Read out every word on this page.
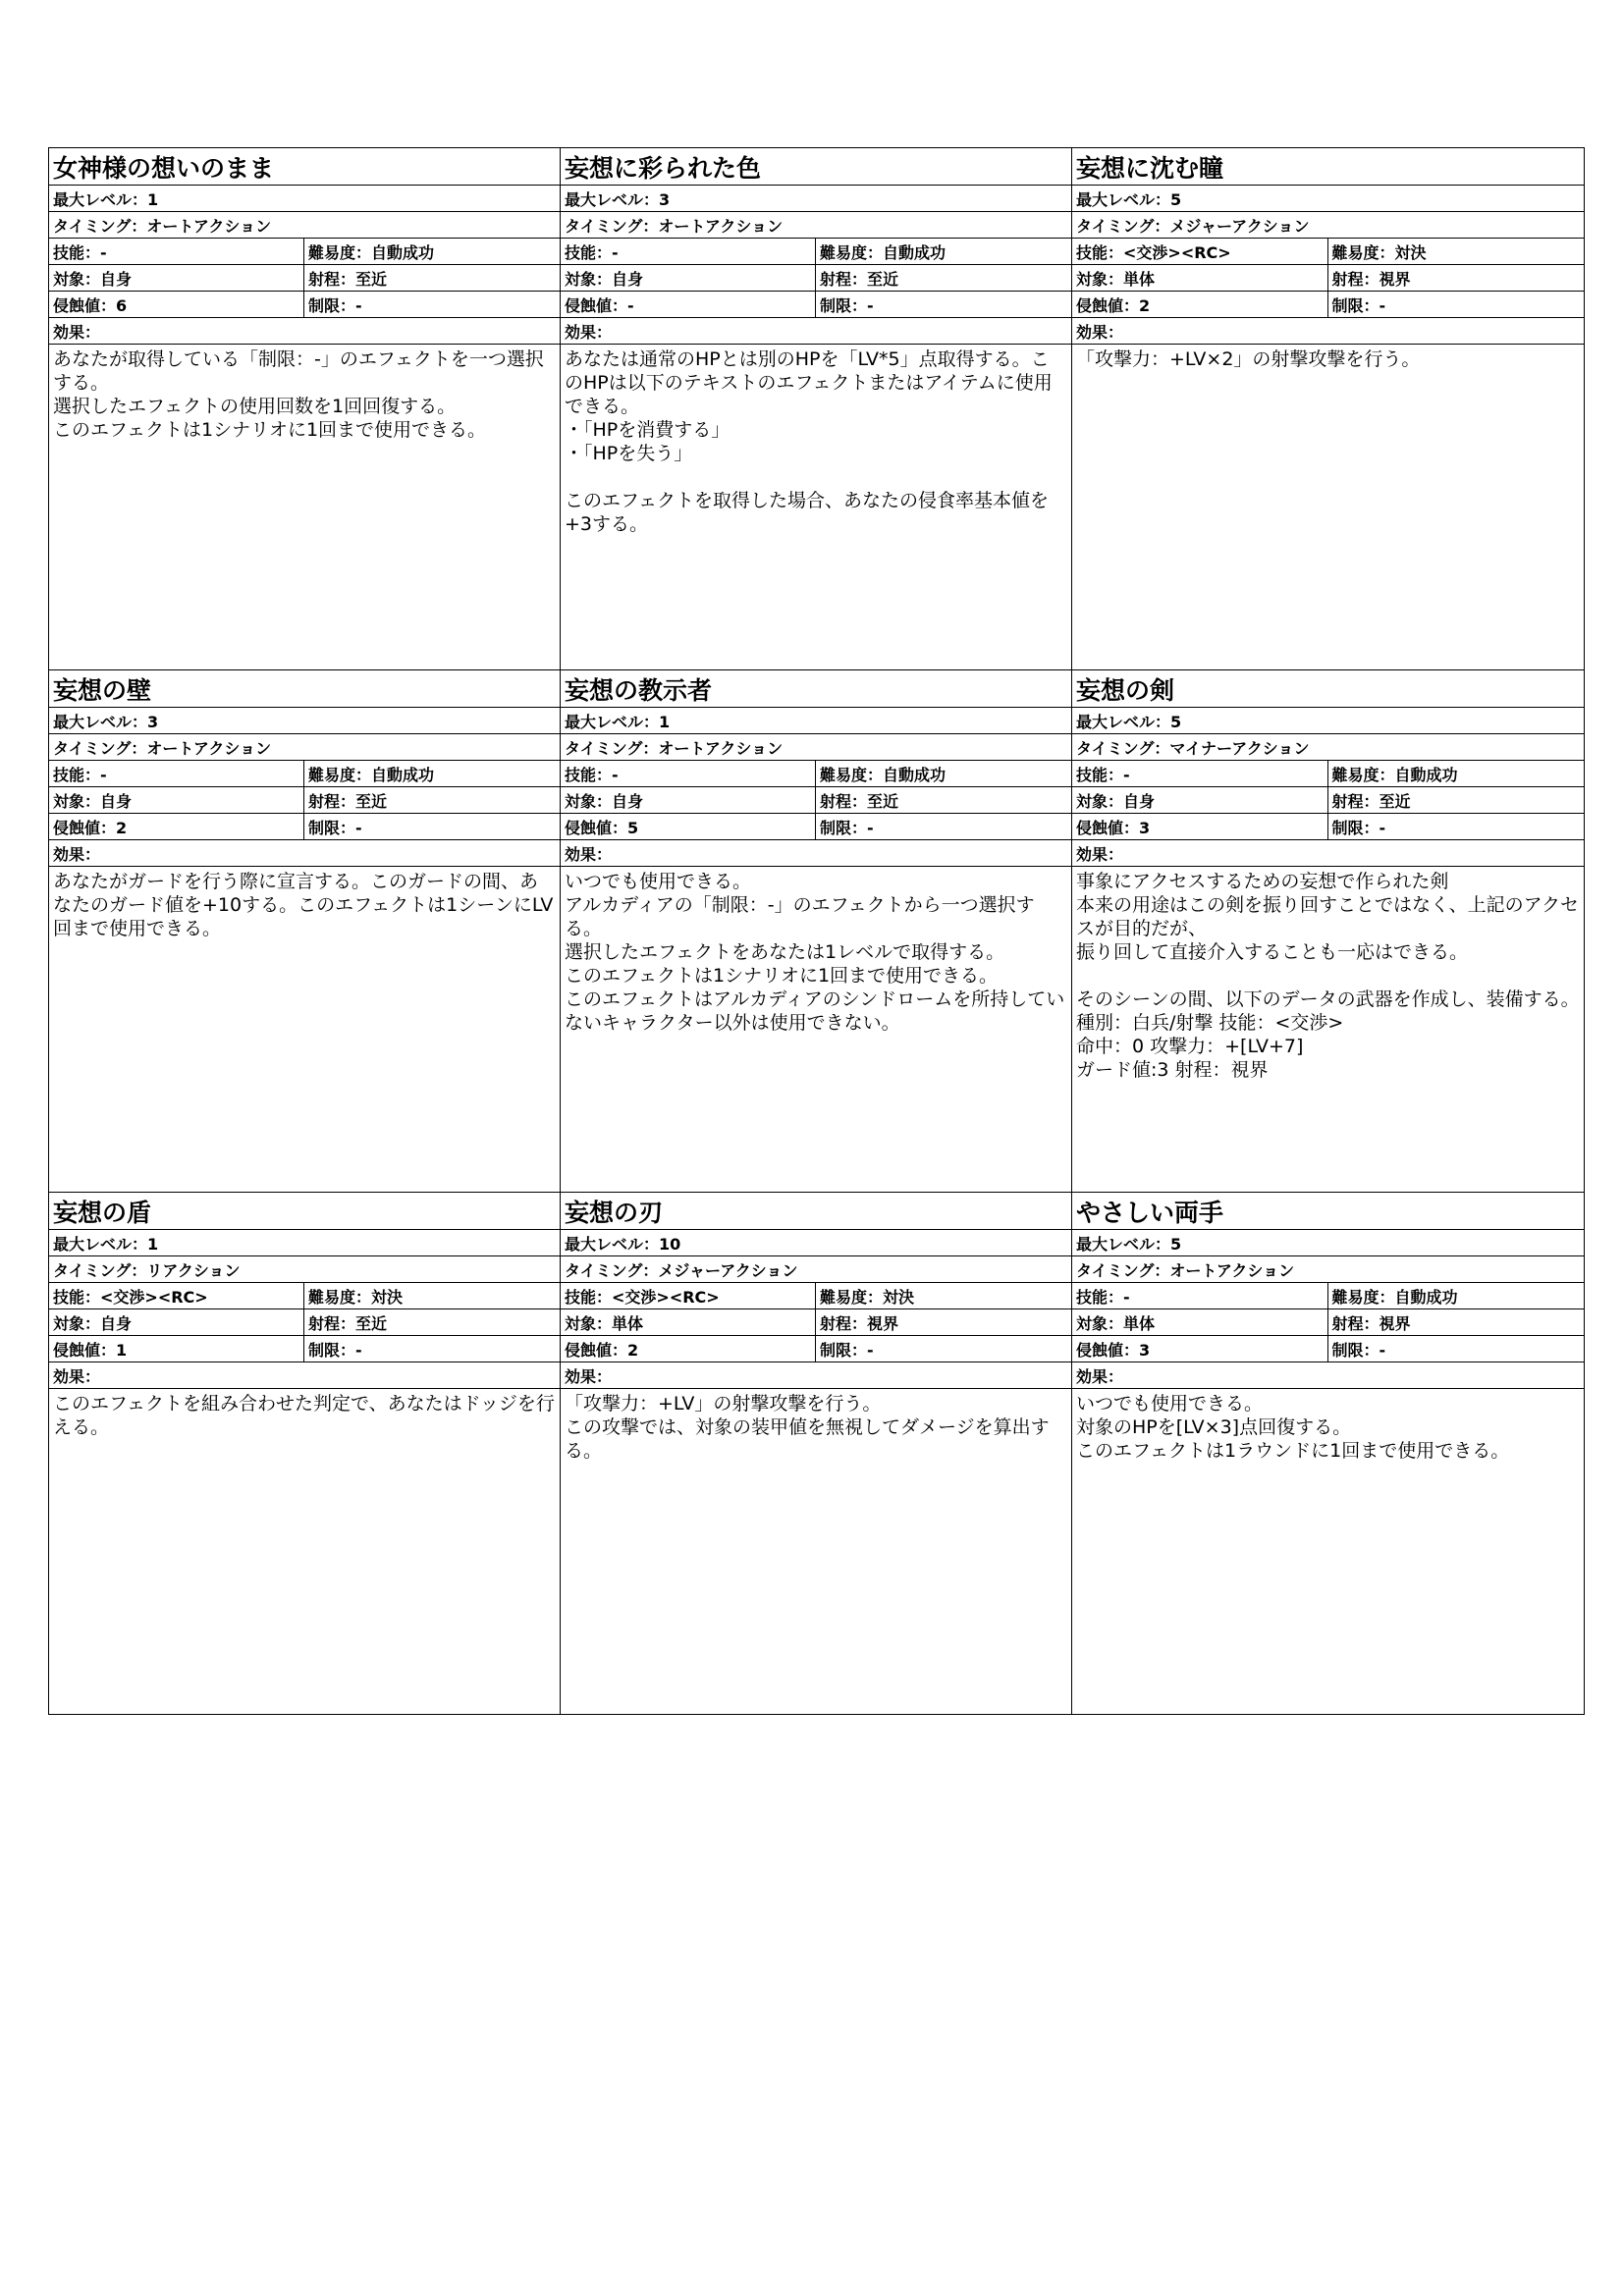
女神様の想いのまま
最大レベル：1
タイミング：オートアクション
技能：-	難易度：自動成功
対象：自身	射程：至近
侵蝕値：6	制限：-
効果：
あなたが取得している「制限：-」のエフェクトを一つ選択する。
選択したエフェクトの使用回数を1回回復する。
このエフェクトは1シナリオに1回まで使用できる。
妄想に彩られた色
最大レベル：3
タイミング：オートアクション
技能：-	難易度：自動成功
対象：自身	射程：至近
侵蝕値：-	制限：-
効果：
あなたは通常のHPとは別のHPを「LV*5」点取得する。このHPは以下のテキストのエフェクトまたはアイテムに使用できる。
・「HPを消費する」
・「HPを失う」

このエフェクトを取得した場合、あなたの侵食率基本値を+3する。
妄想に沈む瞳
最大レベル：5
タイミング：メジャーアクション
技能：<交渉><RC>	難易度：対決
対象：単体	射程：視界
侵蝕値：2	制限：-
効果：
「攻撃力：+LV×2」の射撃攻撃を行う。
妄想の壁
最大レベル：3
タイミング：オートアクション
技能：-	難易度：自動成功
対象：自身	射程：至近
侵蝕値：2	制限：-
効果：
あなたがガードを行う際に宣言する。このガードの間、あなたのガード値を+10する。このエフェクトは1シーンにLV回まで使用できる。
妄想の教示者
最大レベル：1
タイミング：オートアクション
技能：-	難易度：自動成功
対象：自身	射程：至近
侵蝕値：5	制限：-
効果：
いつでも使用できる。
アルカディアの「制限：-」のエフェクトから一つ選択する。
選択したエフェクトをあなたは1レベルで取得する。
このエフェクトは1シナリオに1回まで使用できる。
このエフェクトはアルカディアのシンドロームを所持していないキャラクター以外は使用できない。
妄想の剣
最大レベル：5
タイミング：マイナーアクション
技能：-	難易度：自動成功
対象：自身	射程：至近
侵蝕値：3	制限：-
効果：
事象にアクセスするための妄想で作られた剣
本来の用途はこの剣を振り回すことではなく、上記のアクセスが目的だが、
振り回して直接介入することも一応はできる。

そのシーンの間、以下のデータの武器を作成し、装備する。
種別：白兵/射撃 技能：<交渉>
命中：0 攻撃力：+[LV+7]
ガード値:3 射程：視界
妄想の盾
最大レベル：1
タイミング：リアクション
技能：<交渉><RC>	難易度：対決
対象：自身	射程：至近
侵蝕値：1	制限：-
効果：
このエフェクトを組み合わせた判定で、あなたはドッジを行える。
妄想の刃
最大レベル：10
タイミング：メジャーアクション
技能：<交渉><RC>	難易度：対決
対象：単体	射程：視界
侵蝕値：2	制限：-
効果：
「攻撃力：+LV」の射撃攻撃を行う。
この攻撃では、対象の装甲値を無視してダメージを算出する。
やさしい両手
最大レベル：5
タイミング：オートアクション
技能：-	難易度：自動成功
対象：単体	射程：視界
侵蝕値：3	制限：-
効果：
いつでも使用できる。
対象のHPを[LV×3]点回復する。
このエフェクトは1ラウンドに1回まで使用できる。
